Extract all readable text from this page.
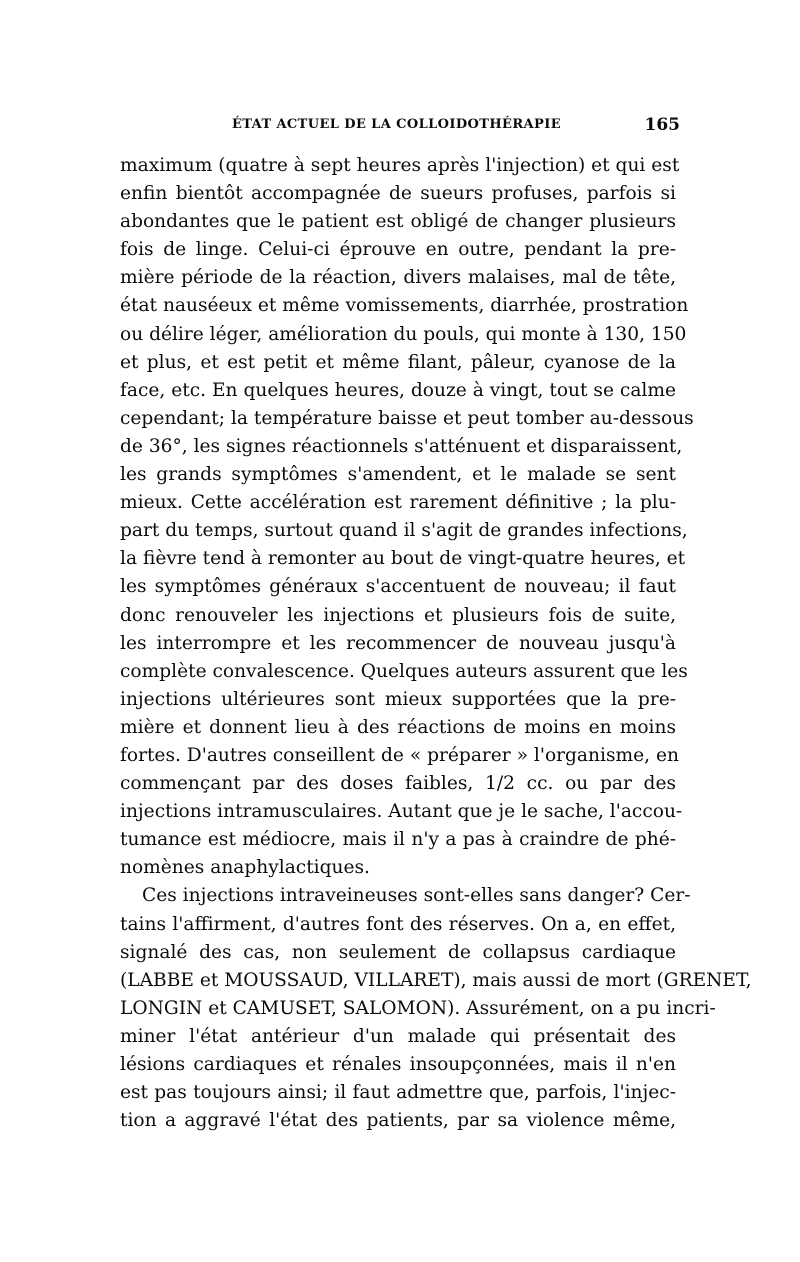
ÉTAT ACTUEL DE LA COLLOIDOTHÉRAPIE	165
maximum (quatre à sept heures après l'injection) et qui est
enfin bientôt accompagnée de sueurs profuses, parfois si
abondantes que le patient est obligé de changer plusieurs
fois de linge. Celui-ci éprouve en outre, pendant la pre-
mière période de la réaction, divers malaises, mal de tête,
état nauséeux et même vomissements, diarrhée, prostration
ou délire léger, amélioration du pouls, qui monte à 130, 150
et plus, et est petit et même filant, pâleur, cyanose de la
face, etc. En quelques heures, douze à vingt, tout se calme
cependant; la température baisse et peut tomber au-dessous
de 36°, les signes réactionnels s'atténuent et disparaissent,
les grands symptômes s'amendent, et le malade se sent
mieux. Cette accélération est rarement définitive ; la plu-
part du temps, surtout quand il s'agit de grandes infections,
la fièvre tend à remonter au bout de vingt-quatre heures, et
les symptômes généraux s'accentuent de nouveau; il faut
donc renouveler les injections et plusieurs fois de suite,
les interrompre et les recommencer de nouveau jusqu'à
complète convalescence. Quelques auteurs assurent que les
injections ultérieures sont mieux supportées que la pre-
mière et donnent lieu à des réactions de moins en moins
fortes. D'autres conseillent de « préparer » l'organisme, en
commençant par des doses faibles, 1/2 cc. ou par des
injections intramusculaires. Autant que je le sache, l'accou-
tumance est médiocre, mais il n'y a pas à craindre de phé-
nomènes anaphylactiques.
Ces injections intraveineuses sont-elles sans danger? Cer-
tains l'affirment, d'autres font des réserves. On a, en effet,
signalé des cas, non seulement de collapsus cardiaque
(LABBE et MOUSSAUD, VILLARET), mais aussi de mort (GRENET,
LONGIN et CAMUSET, SALOMON). Assurément, on a pu incri-
miner l'état antérieur d'un malade qui présentait des
lésions cardiaques et rénales insoupçonnées, mais il n'en
est pas toujours ainsi; il faut admettre que, parfois, l'injec-
tion a aggravé l'état des patients, par sa violence même,
